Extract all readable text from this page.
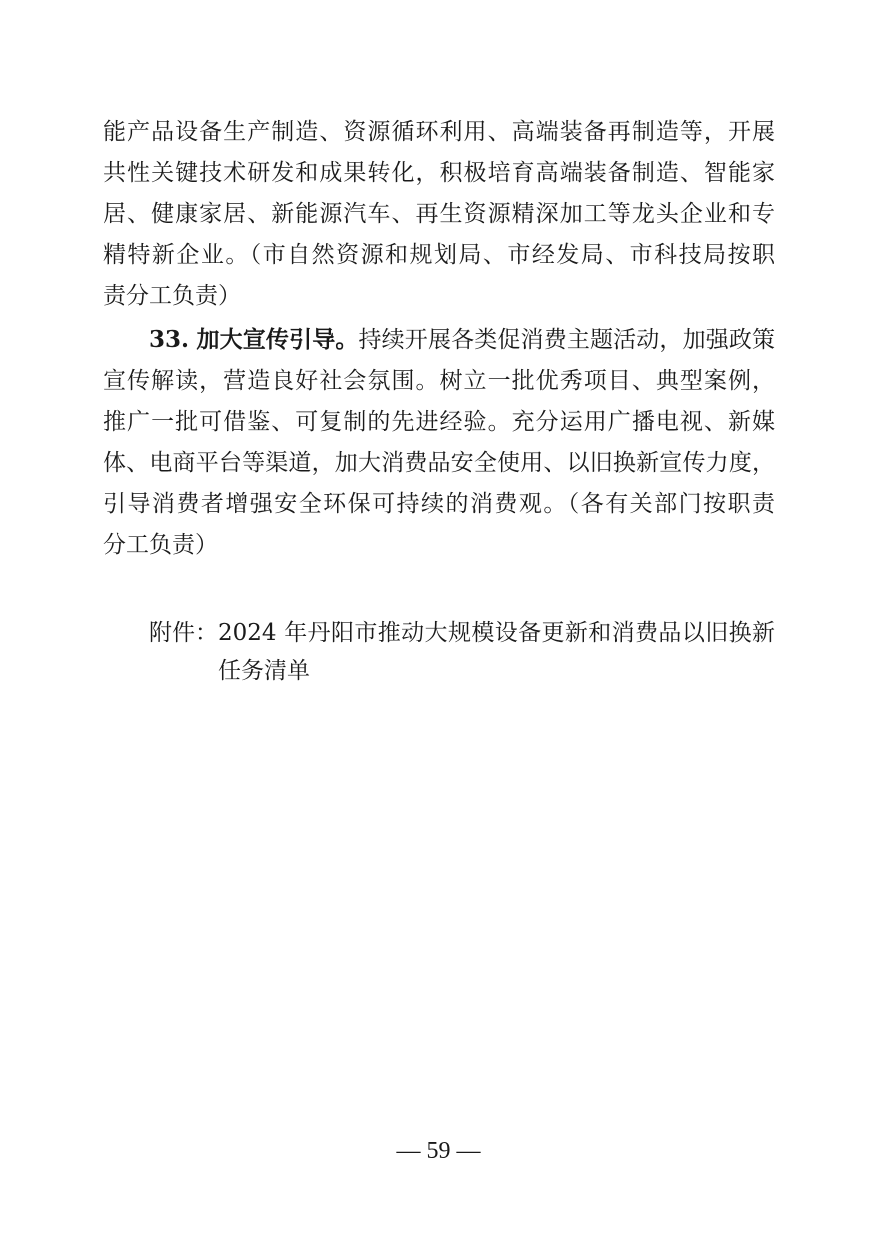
能产品设备生产制造、资源循环利用、高端装备再制造等，开展
共性关键技术研发和成果转化，积极培育高端装备制造、智能家
居、健康家居、新能源汽车、再生资源精深加工等龙头企业和专
精特新企业。（市自然资源和规划局、市经发局、市科技局按职
责分工负责）
33. 加大宣传引导。持续开展各类促消费主题活动，加强政策
宣传解读，营造良好社会氛围。树立一批优秀项目、典型案例，
推广一批可借鉴、可复制的先进经验。充分运用广播电视、新媒
体、电商平台等渠道，加大消费品安全使用、以旧换新宣传力度，
引导消费者增强安全环保可持续的消费观。（各有关部门按职责
分工负责）
附件： 2024 年丹阳市推动大规模设备更新和消费品以旧换新
任务清单
— 59 —
